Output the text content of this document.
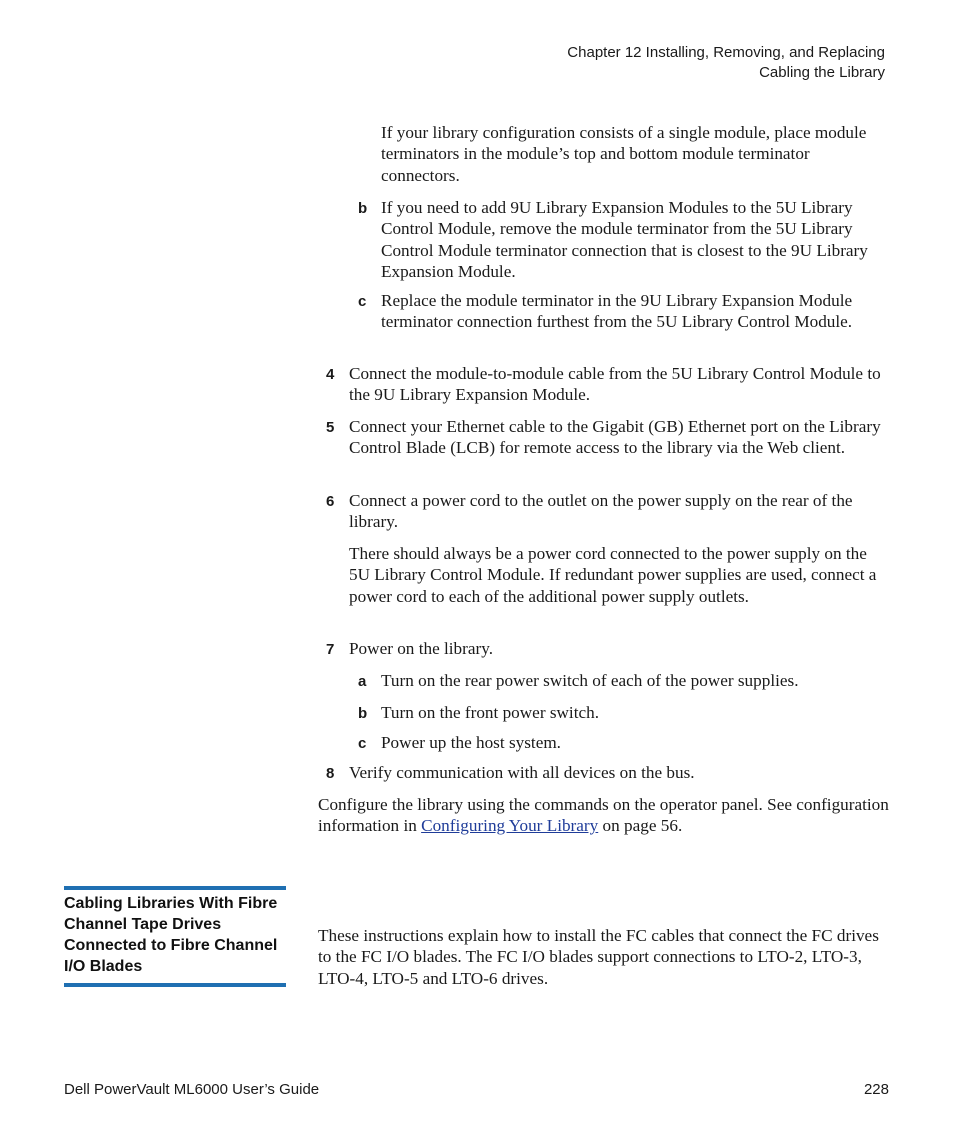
Chapter 12 Installing, Removing, and Replacing
Cabling the Library
If your library configuration consists of a single module, place module terminators in the module’s top and bottom module terminator connectors.
b If you need to add 9U Library Expansion Modules to the 5U Library Control Module, remove the module terminator from the 5U Library Control Module terminator connection that is closest to the 9U Library Expansion Module.
c Replace the module terminator in the 9U Library Expansion Module terminator connection furthest from the 5U Library Control Module.
4 Connect the module-to-module cable from the 5U Library Control Module to the 9U Library Expansion Module.
5 Connect your Ethernet cable to the Gigabit (GB) Ethernet port on the Library Control Blade (LCB) for remote access to the library via the Web client.
6 Connect a power cord to the outlet on the power supply on the rear of the library.
There should always be a power cord connected to the power supply on the 5U Library Control Module. If redundant power supplies are used, connect a power cord to each of the additional power supply outlets.
7 Power on the library.
a Turn on the rear power switch of each of the power supplies.
b Turn on the front power switch.
c Power up the host system.
8 Verify communication with all devices on the bus.
Configure the library using the commands on the operator panel. See configuration information in Configuring Your Library on page 56.
Cabling Libraries With Fibre Channel Tape Drives Connected to Fibre Channel I/O Blades
These instructions explain how to install the FC cables that connect the FC drives to the FC I/O blades. The FC I/O blades support connections to LTO-2, LTO-3, LTO-4, LTO-5 and LTO-6 drives.
Dell PowerVault ML6000 User’s Guide	228
